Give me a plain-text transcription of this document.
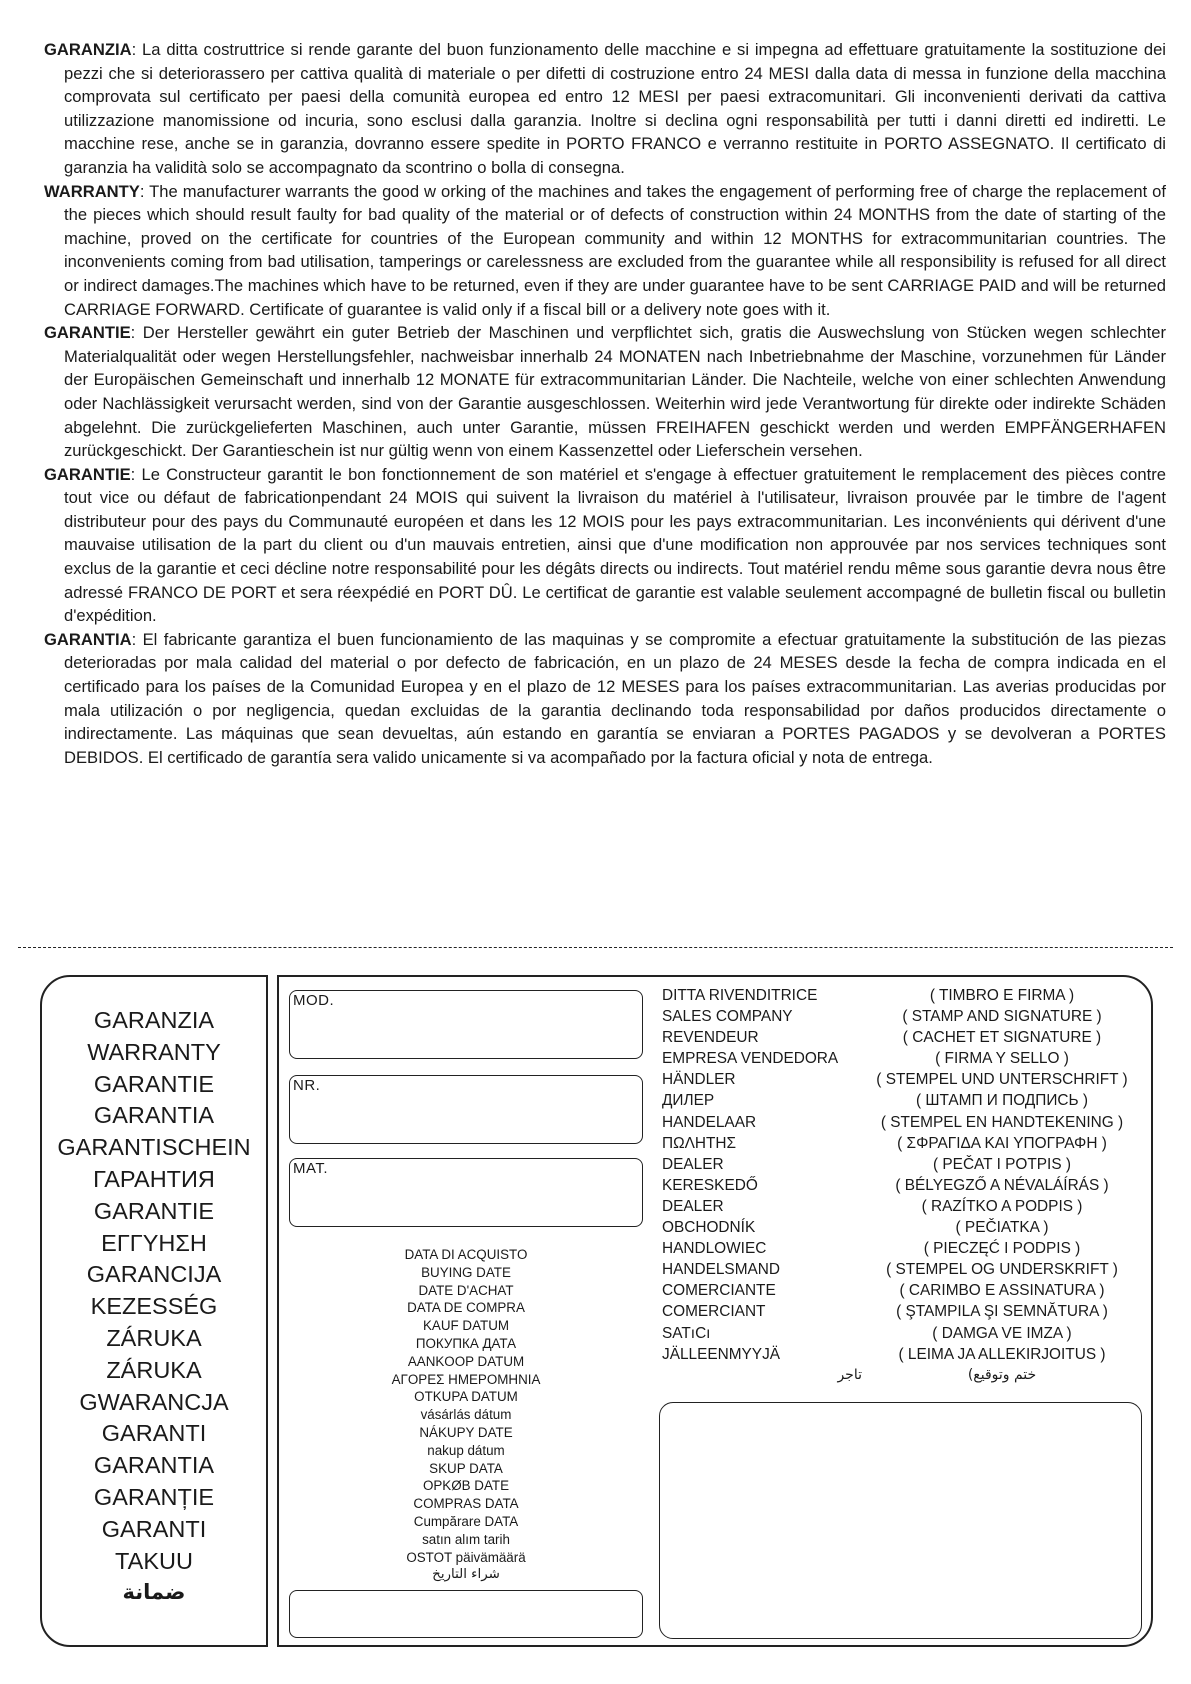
GARANZIA: La ditta costruttrice si rende garante del buon funzionamento delle macchine e si impegna ad effettuare gratuitamente la sostituzione dei pezzi che si deteriorassero per cattiva qualità di materiale o per difetti di costruzione entro 24 MESI dalla data di messa in funzione della macchina comprovata sul certificato per paesi della comunità europea ed entro 12 MESI per paesi extracomunitari. Gli inconvenienti derivati da cattiva utilizzazione manomissione od incuria, sono esclusi dalla garanzia. Inoltre si declina ogni responsabilità per tutti i danni diretti ed indiretti. Le macchine rese, anche se in garanzia, dovranno essere spedite in PORTO FRANCO e verranno restituite in PORTO ASSEGNATO. Il certificato di garanzia ha validità solo se accompagnato da scontrino o bolla di consegna.

WARRANTY: The manufacturer warrants the good w orking of the machines and takes the engagement of performing free of charge the replacement of the pieces which should result faulty for bad quality of the material or of defects of construction within 24 MONTHS from the date of starting of the machine, proved on the certificate for countries of the European community and within 12 MONTHS for extracommunitarian countries. The inconvenients coming from bad utilisation, tamperings or carelessness are excluded from the guarantee while all responsibility is refused for all direct or indirect damages.The machines which have to be returned, even if they are under guarantee have to be sent CARRIAGE PAID and will be returned CARRIAGE FORWARD. Certificate of guarantee is valid only if a fiscal bill or a delivery note goes with it.

GARANTIE: Der Hersteller gewährt ein guter Betrieb der Maschinen und verpflichtet sich, gratis die Auswechslung von Stücken wegen schlechter Materialqualität oder wegen Herstellungsfehler, nachweisbar innerhalb 24 MONATEN nach Inbetriebnahme der Maschine, vorzunehmen für Länder der Europäischen Gemeinschaft und innerhalb 12 MONATE für extracommunitarian Länder. Die Nachteile, welche von einer schlechten Anwendung oder Nachlässigkeit verursacht werden, sind von der Garantie ausgeschlossen. Weiterhin wird jede Verantwortung für direkte oder indirekte Schäden abgelehnt. Die zurückgelieferten Maschinen, auch unter Garantie, müssen FREIHAFEN geschickt werden und werden EMPFÄNGERHAFEN zurückgeschickt. Der Garantieschein ist nur gültig wenn von einem Kassenzettel oder Lieferschein versehen.

GARANTIE: Le Constructeur garantit le bon fonctionnement de son matériel et s'engage à effectuer gratuitement le remplacement des pièces contre tout vice ou défaut de fabricationpendant 24 MOIS qui suivent la livraison du matériel à l'utilisateur, livraison prouvée par le timbre de l'agent distributeur pour des pays du Communauté européen et dans les 12 MOIS pour les pays extracommunitarian. Les inconvénients qui dérivent d'une mauvaise utilisation de la part du client ou d'un mauvais entretien, ainsi que d'une modification non approuvée par nos services techniques sont exclus de la garantie et ceci décline notre responsabilité pour les dégâts directs ou indirects. Tout matériel rendu même sous garantie devra nous être adressé FRANCO DE PORT et sera réexpédié en PORT DÛ. Le certificat de garantie est valable seulement accompagné de bulletin fiscal ou bulletin d'expédition.

GARANTIA: El fabricante garantiza el buen funcionamiento de las maquinas y se compromite a efectuar gratuitamente la substitución de las piezas deterioradas por mala calidad del material o por defecto de fabricación, en un plazo de 24 MESES desde la fecha de compra indicada en el certificado para los países de la Comunidad Europea y en el plazo de 12 MESES para los países extracommunitarian. Las averias producidas por mala utilización o por negligencia, quedan excluidas de la garantia declinando toda responsabilidad por daños producidos directamente o indirectamente. Las máquinas que sean devueltas, aún estando en garantía se enviaran a PORTES PAGADOS y se devolveran a PORTES DEBIDOS. El certificado de garantía sera valido unicamente si va acompañado por la factura oficial y nota de entrega.

GARANZIA
WARRANTY
GARANTIE
GARANTIA
GARANTISCHEIN
ГАРАНТИЯ
GARANTIE
ΕΓΓΥΗΣΗ
GARANCIJA
KEZESSÉG
ZÁRUKA
ZÁRUKA
GWARANCJA
GARANTI
GARANTIA
GARANȚIE
GARANTI
TAKUU
ضمانة
MOD.
NR.
MAT.
DATA DI ACQUISTO
BUYING DATE
DATE D'ACHAT
DATA DE COMPRA
KAUF DATUM
ПОКУПКА ДАТА
AANKOOP DATUM
ΑΓΟΡΕΣ ΗΜΕΡΟΜΗΝΙΑ
OTKUPA DATUM
vásárlás dátum
NÁKUPY DATE
nakup dátum
SKUP DATA
OPKØB DATE
COMPRAS DATA
Cumpărare DATA
satın alım tarih
OSTOT päivämäärä
شراء التاريخ
DITTA RIVENDITRICE
SALES COMPANY
REVENDEUR
EMPRESA VENDEDORA
HÄNDLER
ДИЛЕР
HANDELAAR
ΠΩΛΗΤΗΣ
DEALER
KERESKEDŐ
DEALER
OBCHODNÍK
HANDLOWIEC
HANDELSMAND
COMERCIANTE
COMERCIANT
SATıCı
JÄLLEENMYYJÄ
تاجر
( TIMBRO E FIRMA )
( STAMP AND SIGNATURE )
( CACHET ET SIGNATURE )
( FIRMA Y SELLO )
( STEMPEL UND UNTERSCHRIFT )
( ШТАМП И ПОДПИСЬ )
( STEMPEL EN HANDTEKENING )
( ΣΦΡΑΓΙΔΑ ΚΑΙ ΥΠΟΓΡΑΦΗ )
( PEČAT I POTPIS )
( BÉLYEGZŐ A NÉVALÁÍRÁS )
( RAZÍTKO A PODPIS )
( PEČIATKA )
( PIECZĘĆ I PODPIS )
( STEMPEL OG UNDERSKRIFT )
( CARIMBO E ASSINATURA )
( ŞTAMPILA ŞI SEMNĂTURA )
( DAMGA VE IMZA )
( LEIMA JA ALLEKIRJOITUS )
ختم وتوقيع)
